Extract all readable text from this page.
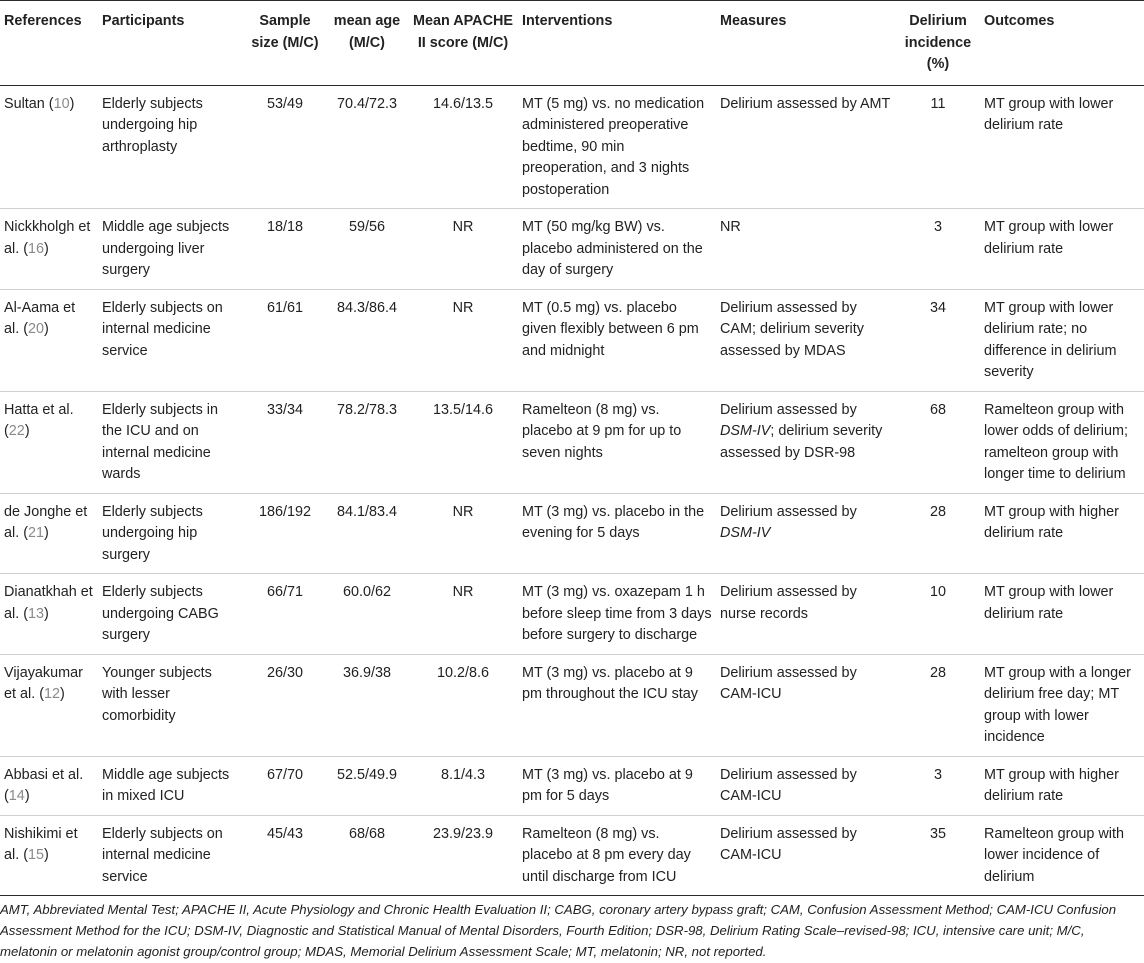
References	Participants	Sample size (M/C)	mean age (M/C)	Mean APACHE II score (M/C)	Interventions	Measures	Delirium incidence (%)	Outcomes
Sultan (10)	Elderly subjects undergoing hip arthroplasty	53/49	70.4/72.3	14.6/13.5	MT (5 mg) vs. no medication administered preoperative bedtime, 90 min preoperation, and 3 nights postoperation	Delirium assessed by AMT	11	MT group with lower delirium rate
Nickkholgh et al. (16)	Middle age subjects undergoing liver surgery	18/18	59/56	NR	MT (50 mg/kg BW) vs. placebo administered on the day of surgery	NR	3	MT group with lower delirium rate
Al-Aama et al. (20)	Elderly subjects on internal medicine service	61/61	84.3/86.4	NR	MT (0.5 mg) vs. placebo given flexibly between 6 pm and midnight	Delirium assessed by CAM; delirium severity assessed by MDAS	34	MT group with lower delirium rate; no difference in delirium severity
Hatta et al. (22)	Elderly subjects in the ICU and on internal medicine wards	33/34	78.2/78.3	13.5/14.6	Ramelteon (8 mg) vs. placebo at 9 pm for up to seven nights	Delirium assessed by DSM-IV; delirium severity assessed by DSR-98	68	Ramelteon group with lower odds of delirium; ramelteon group with longer time to delirium
de Jonghe et al. (21)	Elderly subjects undergoing hip surgery	186/192	84.1/83.4	NR	MT (3 mg) vs. placebo in the evening for 5 days	Delirium assessed by DSM-IV	28	MT group with higher delirium rate
Dianatkhah et al. (13)	Elderly subjects undergoing CABG surgery	66/71	60.0/62	NR	MT (3 mg) vs. oxazepam 1 h before sleep time from 3 days before surgery to discharge	Delirium assessed by nurse records	10	MT group with lower delirium rate
Vijayakumar et al. (12)	Younger subjects with lesser comorbidity	26/30	36.9/38	10.2/8.6	MT (3 mg) vs. placebo at 9 pm throughout the ICU stay	Delirium assessed by CAM-ICU	28	MT group with a longer delirium free day; MT group with lower incidence
Abbasi et al. (14)	Middle age subjects in mixed ICU	67/70	52.5/49.9	8.1/4.3	MT (3 mg) vs. placebo at 9 pm for 5 days	Delirium assessed by CAM-ICU	3	MT group with higher delirium rate
Nishikimi et al. (15)	Elderly subjects on internal medicine service	45/43	68/68	23.9/23.9	Ramelteon (8 mg) vs. placebo at 8 pm every day until discharge from ICU	Delirium assessed by CAM-ICU	35	Ramelteon group with lower incidence of delirium
AMT, Abbreviated Mental Test; APACHE II, Acute Physiology and Chronic Health Evaluation II; CABG, coronary artery bypass graft; CAM, Confusion Assessment Method; CAM-ICU Confusion Assessment Method for the ICU; DSM-IV, Diagnostic and Statistical Manual of Mental Disorders, Fourth Edition; DSR-98, Delirium Rating Scale–revised-98; ICU, intensive care unit; M/C, melatonin or melatonin agonist group/control group; MDAS, Memorial Delirium Assessment Scale; MT, melatonin; NR, not reported.
